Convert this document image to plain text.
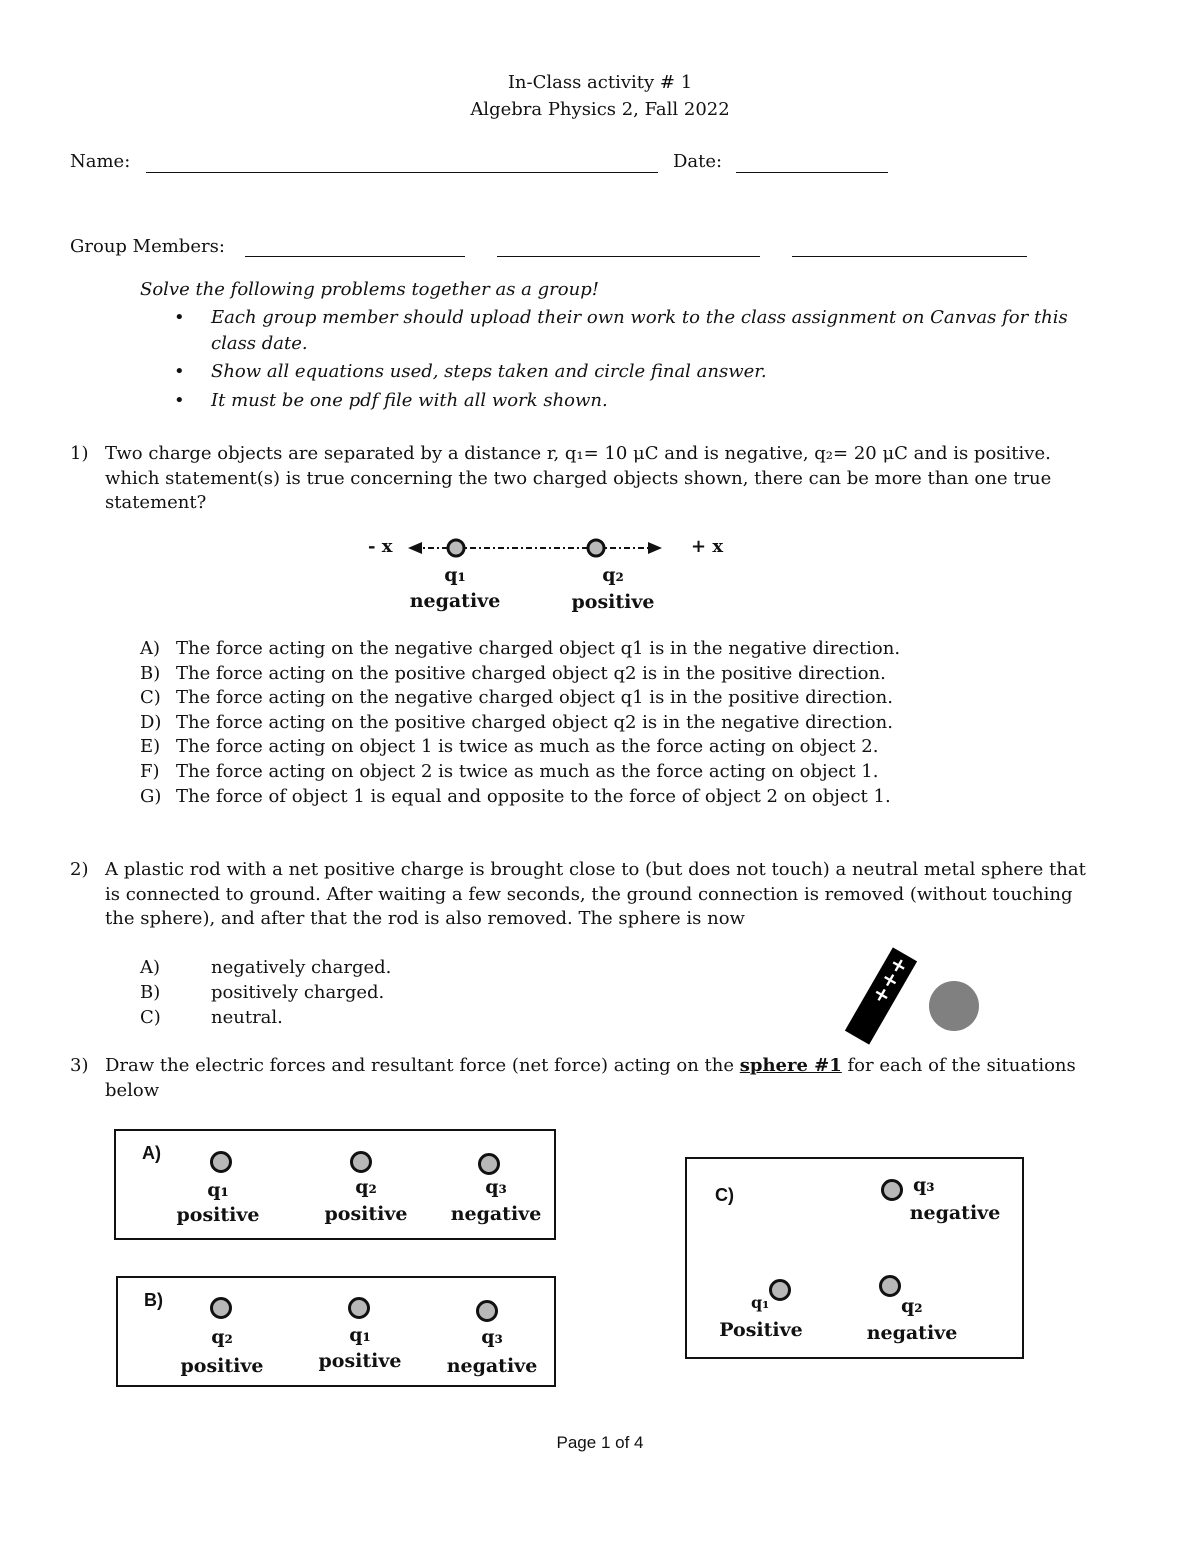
In-Class activity # 1
Algebra Physics 2, Fall 2022
Name:	Date:
Group Members:
Solve the following problems together as a group!
• Each group member should upload their own work to the class assignment on Canvas for this
class date.
• Show all equations used, steps taken and circle final answer.
• It must be one pdf file with all work shown.
1) Two charge objects are separated by a distance r, q₁= 10 μC and is negative, q₂= 20 μC and is positive.
which statement(s) is true concerning the two charged objects shown, there can be more than one true
statement?
- x	+ x
q₁
negative
q₂
positive
A) The force acting on the negative charged object q1 is in the negative direction.
B) The force acting on the positive charged object q2 is in the positive direction.
C) The force acting on the negative charged object q1 is in the positive direction.
D) The force acting on the positive charged object q2 is in the negative direction.
E) The force acting on object 1 is twice as much as the force acting on object 2.
F) The force acting on object 2 is twice as much as the force acting on object 1.
G) The force of object 1 is equal and opposite to the force of object 2 on object 1.
2) A plastic rod with a net positive charge is brought close to (but does not touch) a neutral metal sphere that
is connected to ground. After waiting a few seconds, the ground connection is removed (without touching
the sphere), and after that the rod is also removed. The sphere is now
A)	negatively charged.
B)	positively charged.
C)	neutral.
+++
3) Draw the electric forces and resultant force (net force) acting on the sphere #1 for each of the situations
below
A)
q₁
positive
q₂
positive
q₃
negative
B)
q₂
positive
q₁
positive
q₃
negative
C)	q₃
negative
q₁
Positive
q₂
negative
Page 1 of 4
